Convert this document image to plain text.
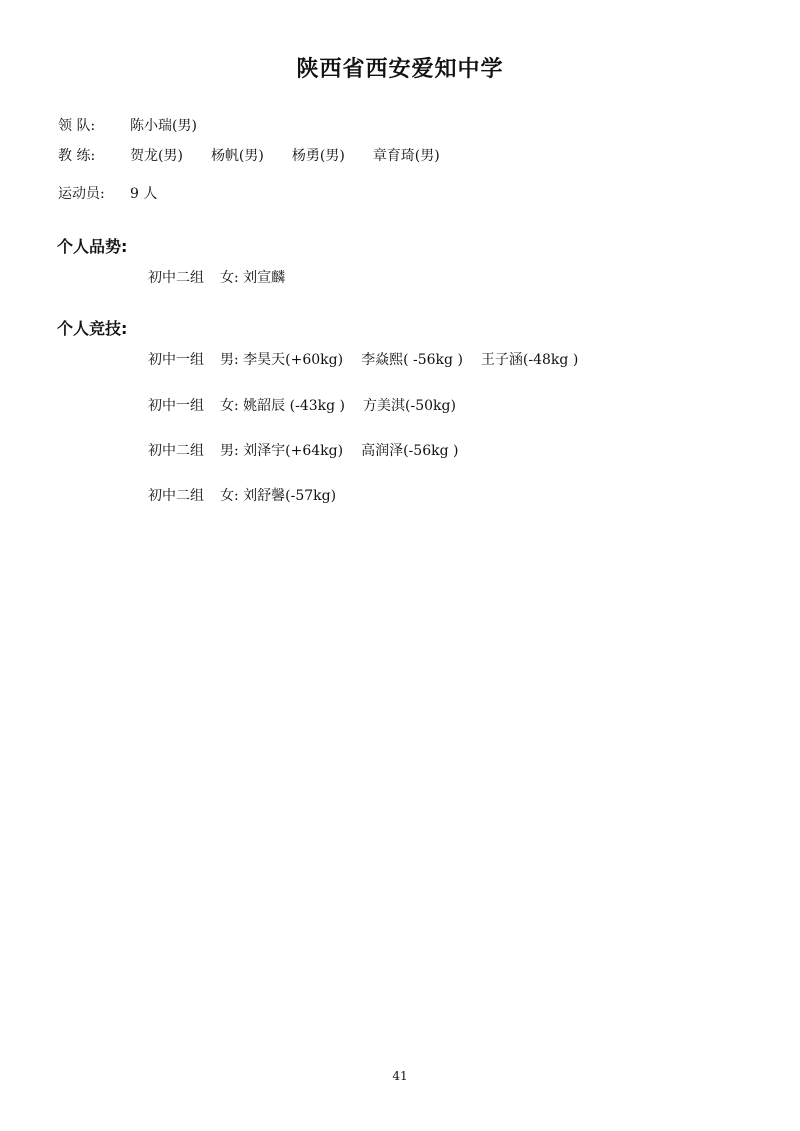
陕西省西安爱知中学
领 队: 陈小瑞(男)
教 练: 贺龙(男) 杨帆(男) 杨勇(男) 章育琦(男)
运动员: 9 人
个人品势:
初中二组 女: 刘宣麟
个人竞技:
初中一组 男: 李昊天(+60kg) 李焱熙( -56kg ) 王子涵(-48kg )
初中一组 女: 姚韶辰 (-43kg ) 方美淇(-50kg)
初中二组 男: 刘泽宇(+64kg) 高润泽(-56kg )
初中二组 女: 刘舒馨(-57kg)
41
